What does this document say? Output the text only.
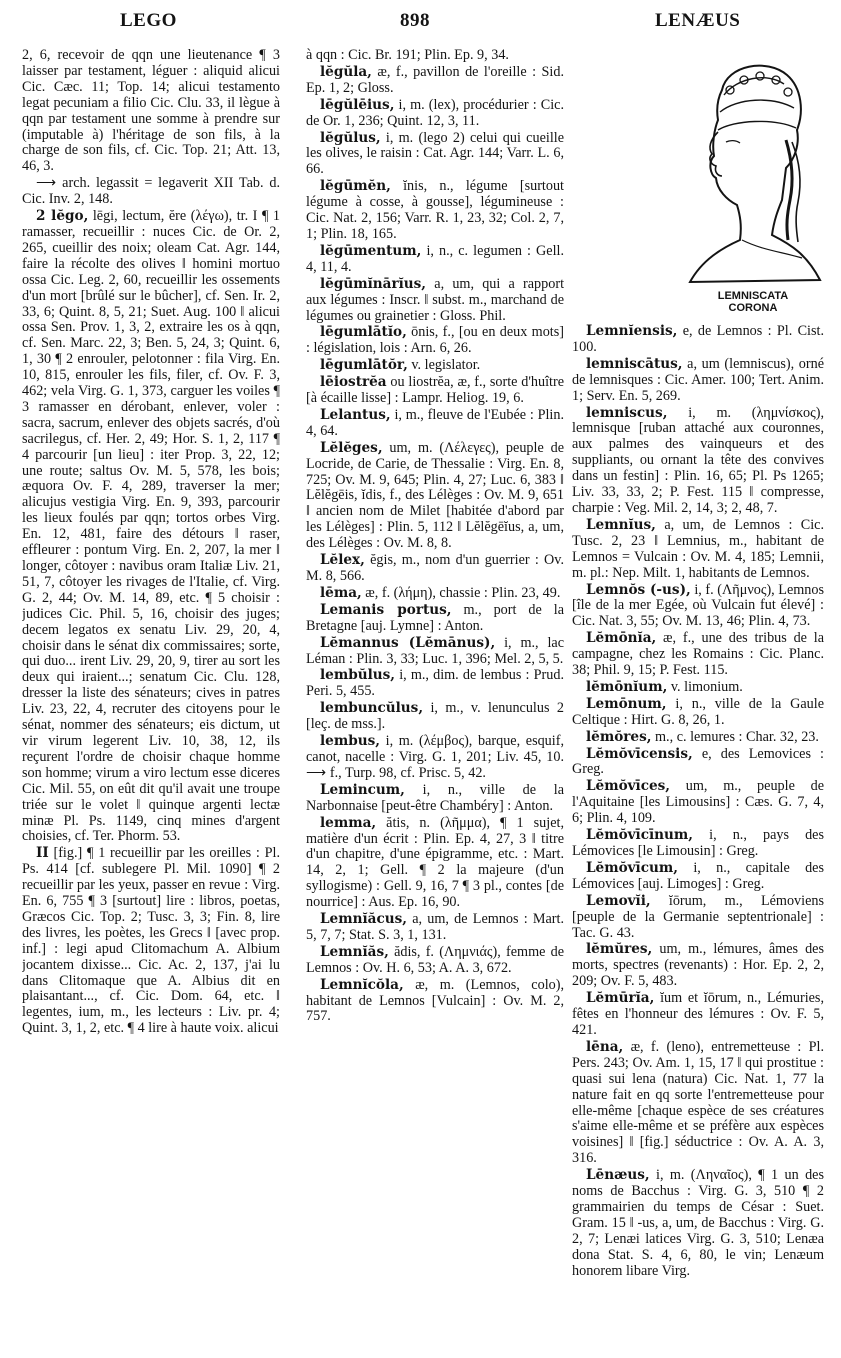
LEGO	898	LENÆUS

2, 6, recevoir de qqn une lieutenance ¶ 3 laisser par testament, léguer : aliquid alicui Cic. Cæc. 11; Top. 14; alicui testamento legat pecuniam a filio Cic. Clu. 33, il lègue à qqn par testament une somme à prendre sur (imputable à) l'héritage de son fils, à la charge de son fils, cf. Cic. Top. 21; Att. 13, 46, 3.

⟶ arch. legassit = legaverit XII Tab. d. Cic. Inv. 2, 148.

2 lĕgo, lēgi, lectum, ĕre (λέγω), tr. I ¶ 1 ramasser, recueillir : nuces Cic. de Or. 2, 265, cueillir des noix; oleam Cat. Agr. 144, faire la récolte des olives ‖ homini mortuo ossa Cic. Leg. 2, 60, recueillir les ossements d'un mort [brûlé sur le bûcher], cf. Sen. Ir. 2, 33, 6; Quint. 8, 5, 21; Suet. Aug. 100 ‖ alicui ossa Sen. Prov. 1, 3, 2, extraire les os à qqn, cf. Sen. Marc. 22, 3; Ben. 5, 24, 3; Quint. 6, 1, 30 ¶ 2 enrouler, pelotonner : fila Virg. En. 10, 815, enrouler les fils, filer, cf. Ov. F. 3, 462; vela Virg. G. 1, 373, carguer les voiles ¶ 3 ramasser en dérobant, enlever, voler : sacra, sacrum, enlever des objets sacrés, d'où sacrilegus, cf. Her. 2, 49; Hor. S. 1, 2, 117 ¶ 4 parcourir [un lieu] : iter Prop. 3, 22, 12; une route; saltus Ov. M. 5, 578, les bois; æquora Ov. F. 4, 289, traverser la mer; alicujus vestigia Virg. En. 9, 393, parcourir les lieux foulés par qqn; tortos orbes Virg. En. 12, 481, faire des détours ‖ raser, effleurer : pontum Virg. En. 2, 207, la mer ‖ longer, côtoyer : navibus oram Italiæ Liv. 21, 51, 7, côtoyer les rivages de l'Italie, cf. Virg. G. 2, 44; Ov. M. 14, 89, etc. ¶ 5 choisir : judices Cic. Phil. 5, 16, choisir des juges; decem legatos ex senatu Liv. 29, 20, 4, choisir dans le sénat dix commissaires; sorte, qui duo... irent Liv. 29, 20, 9, tirer au sort les deux qui iraient...; senatum Cic. Clu. 128, dresser la liste des sénateurs; cives in patres Liv. 23, 22, 4, recruter des citoyens pour le sénat, nommer des sénateurs; eis dictum, ut vir virum legerent Liv. 10, 38, 12, ils reçurent l'ordre de choisir chaque homme son homme; virum a viro lectum esse diceres Cic. Mil. 55, on eût dit qu'il avait une troupe triée sur le volet ‖ quinque argenti lectæ minæ Pl. Ps. 1149, cinq mines d'argent choisies, cf. Ter. Phorm. 53.

II [fig.] ¶ 1 recueillir par les oreilles : Pl. Ps. 414 [cf. sublegere Pl. Mil. 1090] ¶ 2 recueillir par les yeux, passer en revue : Virg. En. 6, 755 ¶ 3 [surtout] lire : libros, poetas, Græcos Cic. Top. 2; Tusc. 3, 3; Fin. 8, lire des livres, les poètes, les Grecs ‖ [avec prop. inf.] : legi apud Clitomachum A. Albium jocantem dixisse... Cic. Ac. 2, 137, j'ai lu dans Clitomaque que A. Albius dit en plaisantant..., cf. Cic. Dom. 64, etc. ‖ legentes, ium, m., les lecteurs : Liv. pr. 4; Quint. 3, 1, 2, etc. ¶ 4 lire à haute voix. alicui

à qqn : Cic. Br. 191; Plin. Ep. 9, 34.

lĕgŭla, æ, f., pavillon de l'oreille : Sid. Ep. 1, 2; Gloss.

lēgŭlēius, i, m. (lex), procédurier : Cic. de Or. 1, 236; Quint. 12, 3, 11.

lĕgŭlus, i, m. (lego 2) celui qui cueille les olives, le raisin : Cat. Agr. 144; Varr. L. 6, 66.

lĕgūmĕn, ĭnis, n., légume [surtout légume à cosse, à gousse], légumineuse : Cic. Nat. 2, 156; Varr. R. 1, 23, 32; Col. 2, 7, 1; Plin. 18, 165.

lĕgūmentum, i, n., c. legumen : Gell. 4, 11, 4.

lĕgūmĭnārĭus, a, um, qui a rapport aux légumes : Inscr. ‖ subst. m., marchand de légumes ou grainetier : Gloss. Phil.

lēgumlātĭo, ōnis, f., [ou en deux mots] : législation, lois : Arn. 6, 26.

lēgumlātŏr, v. legislator.

lēiostrĕa ou liostrĕa, æ, f., sorte d'huître [à écaille lisse] : Lampr. Heliog. 19, 6.

Lelantus, i, m., fleuve de l'Eubée : Plin. 4, 64.

Lĕlĕges, um, m. (Λέλεγες), peuple de Locride, de Carie, de Thessalie : Virg. En. 8, 725; Ov. M. 9, 645; Plin. 4, 27; Luc. 6, 383 ‖ Lĕlĕgēis, ĭdis, f., des Lélèges : Ov. M. 9, 651 ‖ ancien nom de Milet [habitée d'abord par les Lélèges] : Plin. 5, 112 ‖ Lĕlĕgēĭus, a, um, des Lélèges : Ov. M. 8, 8.

Lĕlex, ĕgis, m., nom d'un guerrier : Ov. M. 8, 566.

lēma, æ, f. (λήμη), chassie : Plin. 23, 49.

Lemanis portus, m., port de la Bretagne [auj. Lymne] : Anton.

Lĕmannus (Lĕmānus), i, m., lac Léman : Plin. 3, 33; Luc. 1, 396; Mel. 2, 5, 5.

lembŭlus, i, m., dim. de lembus : Prud. Peri. 5, 455.

lembuncŭlus, i, m., v. lenunculus 2 [leç. de mss.].

lembus, i, m. (λέμβος), barque, esquif, canot, nacelle : Virg. G. 1, 201; Liv. 45, 10. ⟶ f., Turp. 98, cf. Prisc. 5, 42.

Lemincum, i, n., ville de la Narbonnaise [peut-être Chambéry] : Anton.

lemma, ătis, n. (λῆμμα), ¶ 1 sujet, matière d'un écrit : Plin. Ep. 4, 27, 3 ‖ titre d'un chapitre, d'une épigramme, etc. : Mart. 14, 2, 1; Gell. ¶ 2 la majeure (d'un syllogisme) : Gell. 9, 16, 7 ¶ 3 pl., contes [de nourrice] : Aus. Ep. 16, 90.

Lemnĭăcus, a, um, de Lemnos : Mart. 5, 7, 7; Stat. S. 3, 1, 131.

Lemnĭăs, ădis, f. (Λημνιάς), femme de Lemnos : Ov. H. 6, 53; A. A. 3, 672.

Lemnĭcŏla, æ, m. (Lemnos, colo), habitant de Lemnos [Vulcain] : Ov. M. 2, 757.

LEMNISCATA
CORONA

Lemnĭensis, e, de Lemnos : Pl. Cist. 100.

lemniscātus, a, um (lemniscus), orné de lemnisques : Cic. Amer. 100; Tert. Anim. 1; Serv. En. 5, 269.

lemniscus, i, m. (λημνίσκος), lemnisque [ruban attaché aux couronnes, aux palmes des vainqueurs et des suppliants, ou ornant la tête des convives dans un festin] : Plin. 16, 65; Pl. Ps 1265; Liv. 33, 33, 2; P. Fest. 115 ‖ compresse, charpie : Veg. Mil. 2, 14, 3; 2, 48, 7.

Lemnĭus, a, um, de Lemnos : Cic. Tusc. 2, 23 ‖ Lemnius, m., habitant de Lemnos = Vulcain : Ov. M. 4, 185; Lemnii, m. pl.: Nep. Milt. 1, habitants de Lemnos.

Lemnŏs (-us), i, f. (Λῆμνος), Lemnos [île de la mer Egée, où Vulcain fut élevé] : Cic. Nat. 3, 55; Ov. M. 13, 46; Plin. 4, 73.

Lĕmōnĭa, æ, f., une des tribus de la campagne, chez les Romains : Cic. Planc. 38; Phil. 9, 15; P. Fest. 115.

lĕmōnĭum, v. limonium.

Lemōnum, i, n., ville de la Gaule Celtique : Hirt. G. 8, 26, 1.

lĕmŏres, m., c. lemures : Char. 32, 23.

Lĕmŏvīcensis, e, des Lemovices : Greg.

Lĕmŏvīces, um, m., peuple de l'Aquitaine [les Limousins] : Cæs. G. 7, 4, 6; Plin. 4, 109.

Lĕmŏvīcīnum, i, n., pays des Lémovices [le Limousin] : Greg.

Lĕmŏvīcum, i, n., capitale des Lémovices [auj. Limoges] : Greg.

Lemovĭi, ĭōrum, m., Lémoviens [peuple de la Germanie septentrionale] : Tac. G. 43.

lĕmŭres, um, m., lémures, âmes des morts, spectres (revenants) : Hor. Ep. 2, 2, 209; Ov. F. 5, 483.

Lĕmūrĭa, ĭum et ĭōrum, n., Lémuries, fêtes en l'honneur des lémures : Ov. F. 5, 421.

lēna, æ, f. (leno), entremetteuse : Pl. Pers. 243; Ov. Am. 1, 15, 17 ‖ qui prostitue : quasi sui lena (natura) Cic. Nat. 1, 77 la nature fait en qq sorte l'entremetteuse pour elle-même [chaque espèce de ses créatures s'aime elle-même et se préfère aux espèces voisines] ‖ [fig.] séductrice : Ov. A. A. 3, 316.

Lēnæus, i, m. (Ληναῖος), ¶ 1 un des noms de Bacchus : Virg. G. 3, 510 ¶ 2 grammairien du temps de César : Suet. Gram. 15 ‖ -us, a, um, de Bacchus : Virg. G. 2, 7; Lenæi latices Virg. G. 3, 510; Lenæa dona Stat. S. 4, 6, 80, le vin; Lenæum honorem libare Virg.
